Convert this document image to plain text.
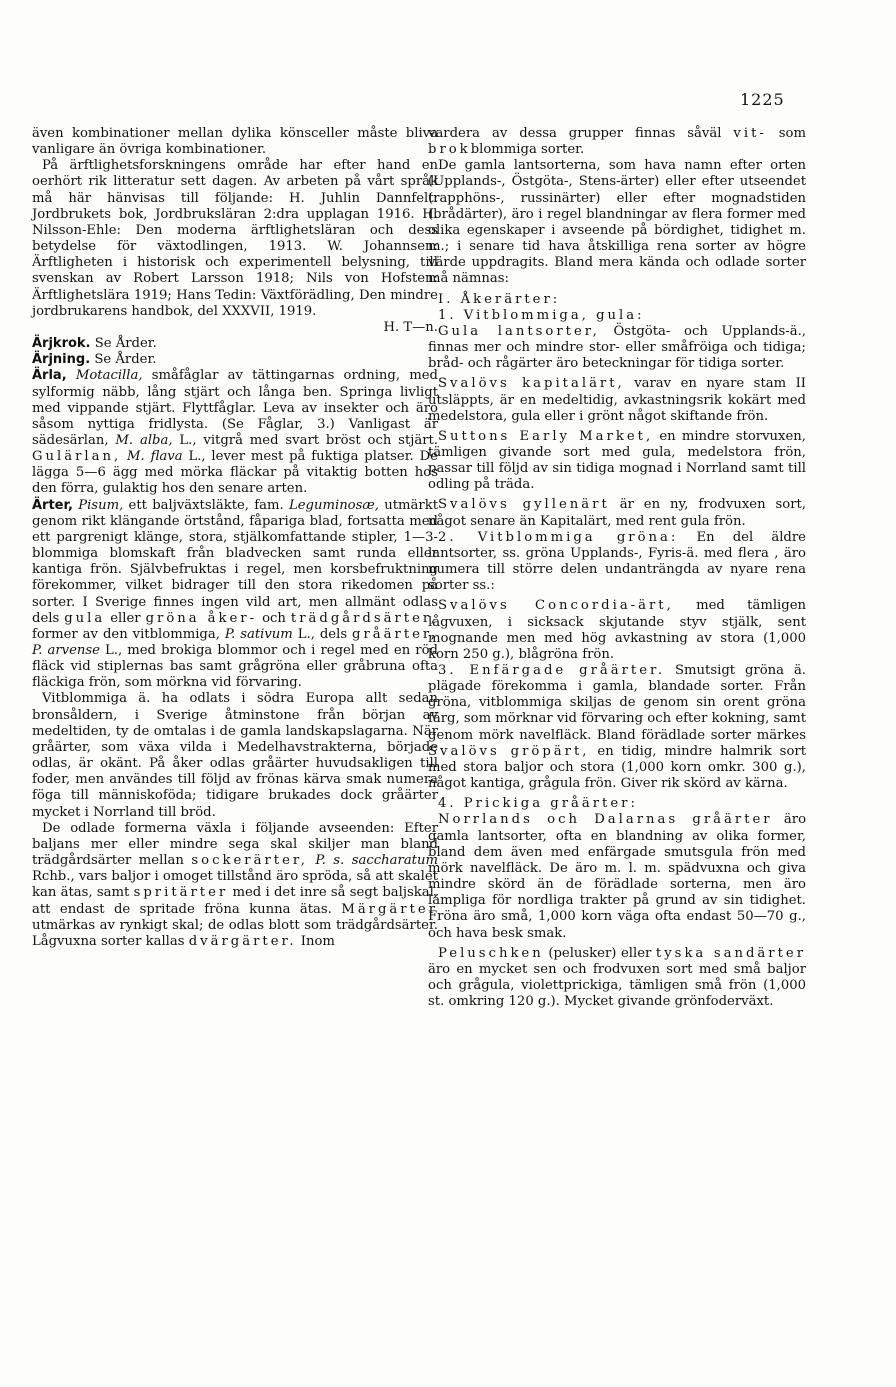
1225

även kombinationer mellan dylika könsceller måste bliva vanligare än övriga kombinationer.

På ärftlighetsforskningens område har efter hand en oerhört rik litteratur sett dagen. Av arbeten på vårt språk må här hänvisas till följande: H. Juhlin Dannfelt: Jordbrukets bok, Jordbruksläran 2:dra upplagan 1916. H. Nilsson-Ehle: Den moderna ärftlighetsläran och dess betydelse för växtodlingen, 1913. W. Johannsen: Ärftligheten i historisk och experimentell belysning, till svenskan av Robert Larsson 1918; Nils von Hofsten: Ärftlighetslära 1919; Hans Tedin: Växtförädling, Den mindre jordbrukarens handbok, del XXXVII, 1919.

H. T—n.

Ärjkrok. Se Årder.

Ärjning. Se Årder.

Ärla, Motacilla, småfåglar av tättingarnas ordning, med sylformig näbb, lång stjärt och långa ben. Springa livligt med vippande stjärt. Flyttfåglar. Leva av insekter och äro såsom nyttiga fridlysta. (Se Fåglar, 3.) Vanligast är sädesärlan, M. alba, L., vitgrå med svart bröst och stjärt. Gulärlan, M. flava L., lever mest på fuktiga platser. De lägga 5—6 ägg med mörka fläckar på vitaktig botten hos den förra, gulaktig hos den senare arten.

Ärter, Pisum, ett baljväxtsläkte, fam. Leguminosæ, utmärkt genom rikt klängande örtstånd, fåpariga blad, fortsatta med ett pargrenigt klänge, stora, stjälkomfattande stipler, 1—3-blommiga blomskaft från bladvecken samt runda eller kantiga frön. Självbefruktas i regel, men korsbefruktning förekommer, vilket bidrager till den stora rikedomen på sorter. I Sverige finnes ingen vild art, men allmänt odlas dels gula eller gröna åker- och trädgårdsärter, former av den vitblommiga, P. sativum L., dels gråärter, P. arvense L., med brokiga blommor och i regel med en röd fläck vid stiplernas bas samt grågröna eller gråbruna ofta fläckiga frön, som mörkna vid förvaring.

Vitblommiga ä. ha odlats i södra Europa allt sedan bronsåldern, i Sverige åtminstone från början av medeltiden, ty de omtalas i de gamla landskapslagarna. När gråärter, som växa vilda i Medelhavstrakterna, började odlas, är okänt. På åker odlas gråärter huvudsakligen till foder, men användes till följd av frönas kärva smak numera föga till människoföda; tidigare brukades dock gråärter mycket i Norrland till bröd.

De odlade formerna växla i följande avseenden: Efter baljans mer eller mindre sega skal skiljer man bland trädgårdsärter mellan sockerärter, P. s. saccharatum Rchb., vars baljor i omoget tillstånd äro spröda, så att skalet kan ätas, samt spritärter med i det inre så segt baljskal, att endast de spritade fröna kunna ätas. Märgärter utmärkas av rynkigt skal; de odlas blott som trädgårdsärter. Lågvuxna sorter kallas dvärgärter. Inom

vardera av dessa grupper finnas såväl vit- som brokblommiga sorter.

De gamla lantsorterna, som hava namn efter orten (Upplands-, Östgöta-, Stens-ärter) eller efter utseendet (rapphöns-, russinärter) eller efter mognadstiden (brådärter), äro i regel blandningar av flera former med olika egenskaper i avseende på bördighet, tidighet m. m.; i senare tid hava åtskilliga rena sorter av högre värde uppdragits. Bland mera kända och odlade sorter må nämnas:

I. Åkerärter:

1. Vitblommiga, gula:

Gula lantsorter, Östgöta- och Upplands-ä., finnas mer och mindre stor- eller småfröiga och tidiga; bråd- och rågärter äro beteckningar för tidiga sorter.

Svalövs kapitalärt, varav en nyare stam II utsläppts, är en medeltidig, avkastningsrik kokärt med medelstora, gula eller i grönt något skiftande frön.

Suttons Early Market, en mindre storvuxen, tämligen givande sort med gula, medelstora frön, passar till följd av sin tidiga mognad i Norrland samt till odling på träda.

Svalövs gyllenärt är en ny, frodvuxen sort, något senare än Kapitalärt, med rent gula frön.

2. Vitblommiga gröna: En del äldre lantsorter, ss. gröna Upplands-, Fyris-ä. med flera , äro numera till större delen undanträngda av nyare rena sorter ss.:

Svalövs Concordia-ärt, med tämligen lågvuxen, i sicksack skjutande styv stjälk, sent mognande men med hög avkastning av stora (1,000 korn 250 g.), blågröna frön.

3. Enfärgade gråärter. Smutsigt gröna ä. plägade förekomma i gamla, blandade sorter. Från gröna, vitblommiga skiljas de genom sin orent gröna färg, som mörknar vid förvaring och efter kokning, samt genom mörk navelfläck. Bland förädlade sorter märkes Svalövs gröpärt, en tidig, mindre halmrik sort med stora baljor och stora (1,000 korn omkr. 300 g.), något kantiga, grågula frön. Giver rik skörd av kärna.

4. Prickiga gråärter:

Norrlands och Dalarnas gråärter äro gamla lantsorter, ofta en blandning av olika former, bland dem även med enfärgade smutsgula frön med mörk navelfläck. De äro m. l. m. spädvuxna och giva mindre skörd än de förädlade sorterna, men äro lämpliga för nordliga trakter på grund av sin tidighet. Fröna äro små, 1,000 korn väga ofta endast 50—70 g., och hava besk smak.

Peluschken (pelusker) eller tyska sandärter äro en mycket sen och frodvuxen sort med små baljor och grågula, violettprickiga, tämligen små frön (1,000 st. omkring 120 g.). Mycket givande grönfoderväxt.
